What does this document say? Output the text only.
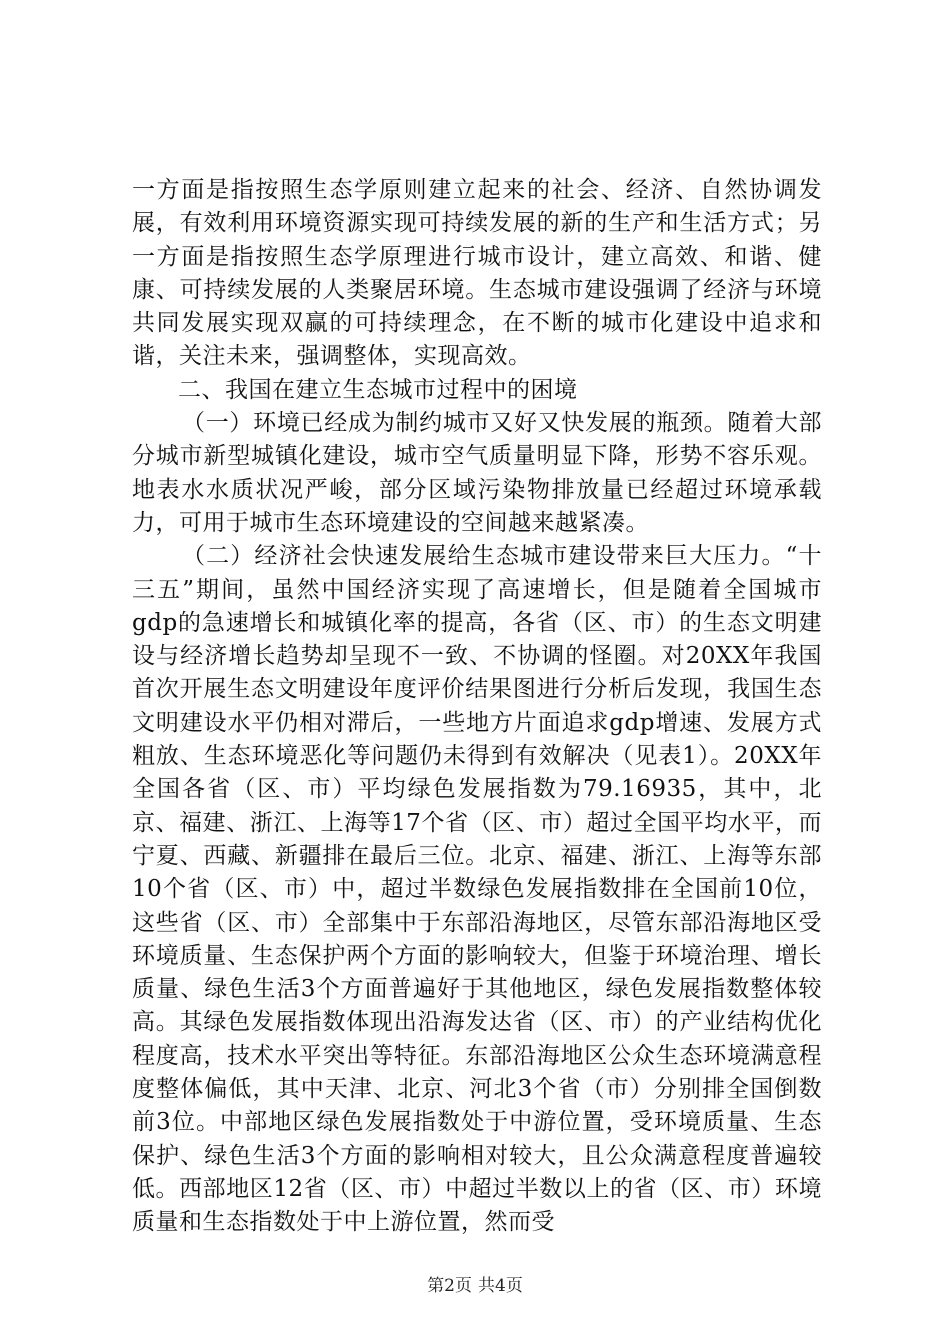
一方面是指按照生态学原则建立起来的社会、经济、自然协调发展，有效利用环境资源实现可持续发展的新的生产和生活方式；另一方面是指按照生态学原理进行城市设计，建立高效、和谐、健康、可持续发展的人类聚居环境。生态城市建设强调了经济与环境共同发展实现双赢的可持续理念，在不断的城市化建设中追求和谐，关注未来，强调整体，实现高效。

二、我国在建立生态城市过程中的困境

（一）环境已经成为制约城市又好又快发展的瓶颈。随着大部分城市新型城镇化建设，城市空气质量明显下降，形势不容乐观。地表水水质状况严峻，部分区域污染物排放量已经超过环境承载力，可用于城市生态环境建设的空间越来越紧凑。

（二）经济社会快速发展给生态城市建设带来巨大压力。“十三五”期间，虽然中国经济实现了高速增长，但是随着全国城市gdp的急速增长和城镇化率的提高，各省（区、市）的生态文明建设与经济增长趋势却呈现不一致、不协调的怪圈。对20XX年我国首次开展生态文明建设年度评价结果图进行分析后发现，我国生态文明建设水平仍相对滞后，一些地方片面追求gdp增速、发展方式粗放、生态环境恶化等问题仍未得到有效解决（见表1）。20XX年全国各省（区、市）平均绿色发展指数为79.16935，其中，北京、福建、浙江、上海等17个省（区、市）超过全国平均水平，而宁夏、西藏、新疆排在最后三位。北京、福建、浙江、上海等东部10个省（区、市）中，超过半数绿色发展指数排在全国前10位，这些省（区、市）全部集中于东部沿海地区，尽管东部沿海地区受环境质量、生态保护两个方面的影响较大，但鉴于环境治理、增长质量、绿色生活3个方面普遍好于其他地区，绿色发展指数整体较高。其绿色发展指数体现出沿海发达省（区、市）的产业结构优化程度高，技术水平突出等特征。东部沿海地区公众生态环境满意程度整体偏低，其中天津、北京、河北3个省（市）分别排全国倒数前3位。中部地区绿色发展指数处于中游位置，受环境质量、生态保护、绿色生活3个方面的影响相对较大，且公众满意程度普遍较低。西部地区12省（区、市）中超过半数以上的省（区、市）环境质量和生态指数处于中上游位置，然而受

第2页 共4页
